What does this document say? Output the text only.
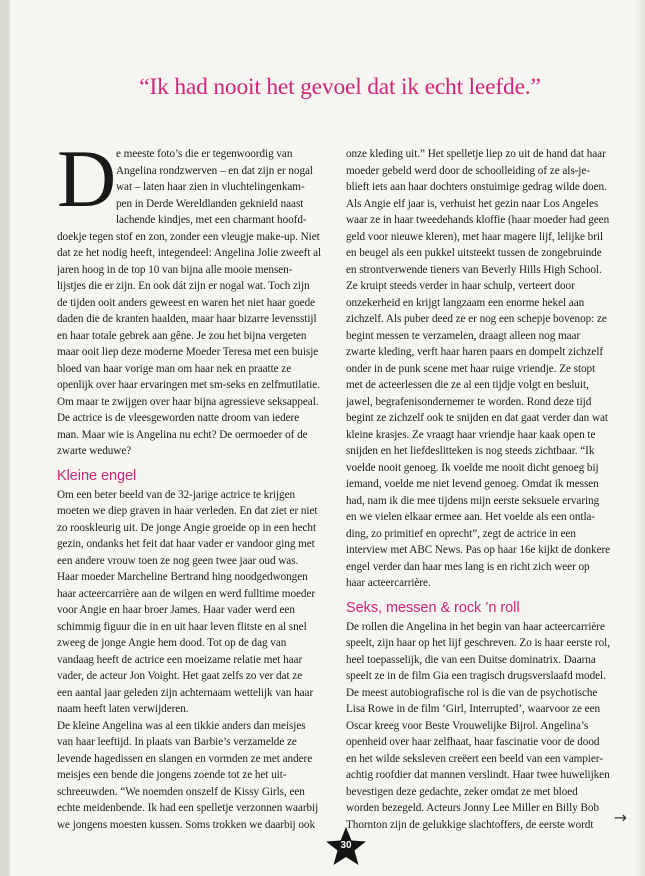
“Ik had nooit het gevoel dat ik echt leefde.”
D e meeste foto’s die er tegenwoordig van
Angelina rondzwerven – en dat zijn er nogal
wat – laten haar zien in vluchtelingenkam-
pen in Derde Wereldlanden geknield naast
lachende kindjes, met een charmant hoofd-
doekje tegen stof en zon, zonder een vleugje make-up. Niet
dat ze het nodig heeft, integendeel: Angelina Jolie zweeft al
jaren hoog in de top 10 van bijna alle mooie mensen-
lijstjes die er zijn. En ook dát zijn er nogal wat. Toch zijn
de tijden ooit anders geweest en waren het niet haar goede
daden die de kranten haalden, maar haar bizarre levensstijl
en haar totale gebrek aan gêne. Je zou het bijna vergeten
maar ooit liep deze moderne Moeder Teresa met een buisje
bloed van haar vorige man om haar nek en praatte ze
openlijk over haar ervaringen met sm-seks en zelfmutilatie.
Om maar te zwijgen over haar bijna agressieve seksappeal.
De actrice is de vleesgeworden natte droom van iedere
man. Maar wie is Angelina nu echt? De oermoeder of de
zwarte weduwe?
Kleine engel
Om een beter beeld van de 32-jarige actrice te krijgen
moeten we diep graven in haar verleden. En dat ziet er niet
zo rooskleurig uit. De jonge Angie groeide op in een hecht
gezin, ondanks het feit dat haar vader er vandoor ging met
een andere vrouw toen ze nog geen twee jaar oud was.
Haar moeder Marcheline Bertrand hing noodgedwongen
haar acteercarrière aan de wilgen en werd fulltime moeder
voor Angie en haar broer James. Haar vader werd een
schimmig figuur die in en uit haar leven flitste en al snel
zweeg de jonge Angie hem dood. Tot op de dag van
vandaag heeft de actrice een moeizame relatie met haar
vader, de acteur Jon Voight. Het gaat zelfs zo ver dat ze
een aantal jaar geleden zijn achternaam wettelijk van haar
naam heeft laten verwijderen.
De kleine Angelina was al een tikkie anders dan meisjes
van haar leeftijd. In plaats van Barbie’s verzamelde ze
levende hagedissen en slangen en vormden ze met andere
meisjes een bende die jongens zoende tot ze het uit-
schreeuwden. “We noemden onszelf de Kissy Girls, een
echte meidenbende. Ik had een spelletje verzonnen waarbij
we jongens moesten kussen. Soms trokken we daarbij ook
onze kleding uit.” Het spelletje liep zo uit de hand dat haar
moeder gebeld werd door de schoolleiding of ze als-je-
blieft iets aan haar dochters onstuimige gedrag wilde doen.
Als Angie elf jaar is, verhuist het gezin naar Los Angeles
waar ze in haar tweedehands kloffie (haar moeder had geen
geld voor nieuwe kleren), met haar magere lijf, lelijke bril
en beugel als een pukkel uitsteekt tussen de zongebruinde
en strontverwende tieners van Beverly Hills High School.
Ze kruipt steeds verder in haar schulp, verteert door
onzekerheid en krijgt langzaam een enorme hekel aan
zichzelf. Als puber deed ze er nog een schepje bovenop: ze
begint messen te verzamelen, draagt alleen nog maar
zwarte kleding, verft haar haren paars en dompelt zichzelf
onder in de punk scene met haar ruige vriendje. Ze stopt
met de acteerlessen die ze al een tijdje volgt en besluit,
jawel, begrafenisondernemer te worden. Rond deze tijd
begint ze zichzelf ook te snijden en dat gaat verder dan wat
kleine krasjes. Ze vraagt haar vriendje haar kaak open te
snijden en het liefdeslitteken is nog steeds zichtbaar. “Ik
voelde nooit genoeg. Ik voelde me nooit dicht genoeg bij
iemand, voelde me niet levend genoeg. Omdat ik messen
had, nam ik die mee tijdens mijn eerste seksuele ervaring
en we vielen elkaar ermee aan. Het voelde als een ontla-
ding, zo primitief en oprecht”, zegt de actrice in een
interview met ABC News. Pas op haar 16e kijkt de donkere
engel verder dan haar mes lang is en richt zich weer op
haar acteercarrière.
Seks, messen & rock ’n roll
De rollen die Angelina in het begin van haar acteercarrière
speelt, zijn haar op het lijf geschreven. Zo is haar eerste rol,
heel toepasselijk, die van een Duitse dominatrix. Daarna
speelt ze in de film Gia een tragisch drugsverslaafd model.
De meest autobiografische rol is die van de psychotische
Lisa Rowe in de film ‘Girl, Interrupted’, waarvoor ze een
Oscar kreeg voor Beste Vrouwelijke Bijrol. Angelina’s
openheid over haar zelfhaat, haar fascinatie voor de dood
en het wilde seksleven creëert een beeld van een vampier-
achtig roofdier dat mannen verslindt. Haar twee huwelijken
bevestigen deze gedachte, zeker omdat ze met bloed
worden bezegeld. Acteurs Jonny Lee Miller en Billy Bob
Thornton zijn de gelukkige slachtoffers, de eerste wordt	→
30
